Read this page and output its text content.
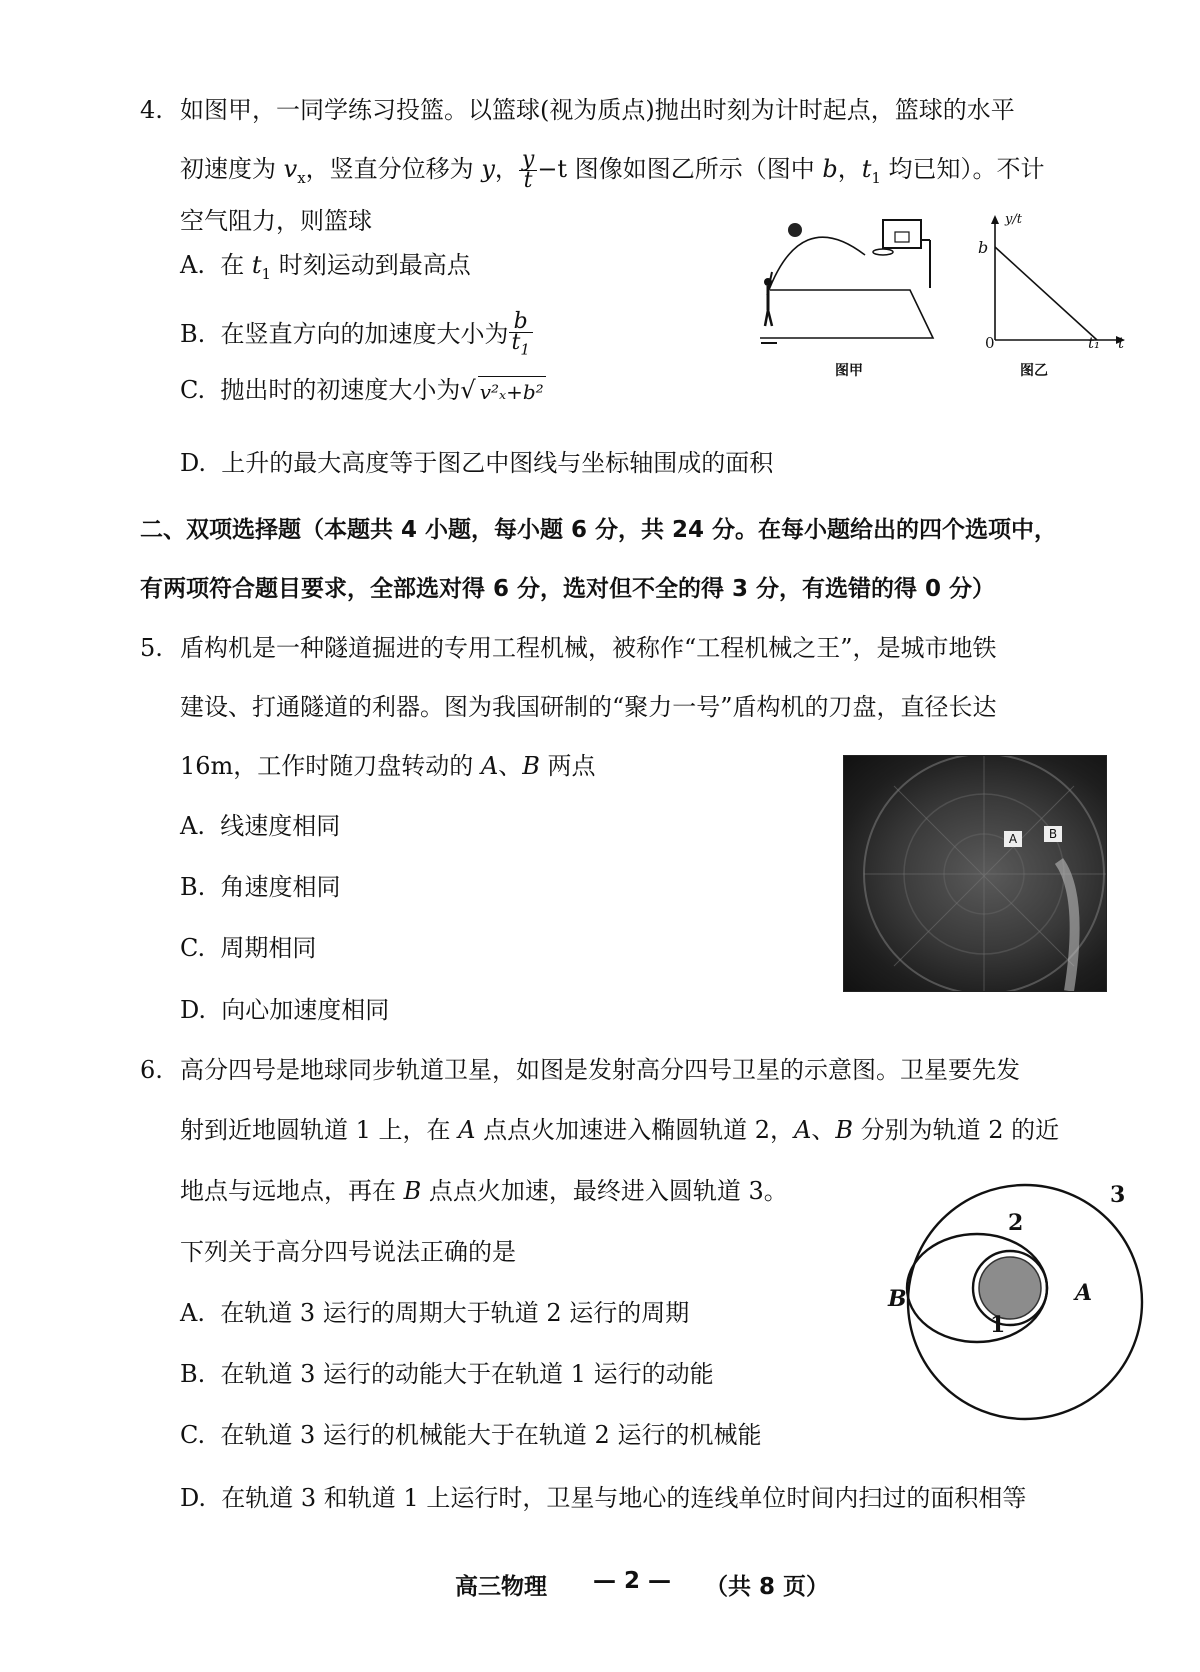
4. 如图甲，一同学练习投篮。以篮球(视为质点)抛出时刻为计时起点，篮球的水平
初速度为 $v_x$，竖直分位移为 y， $\frac{y}{t} -t$ 图像如图乙所示（图中 b，$t_1$ 均已知）。不计
空气阻力，则篮球
A. 在 $t_1$ 时刻运动到最高点
B. 在竖直方向的加速度大小为 $\frac{b}{t_1}$
C. 抛出时的初速度大小为√ v²ₓ+b²
D. 上升的最大高度等于图乙中图线与坐标轴围成的面积
图甲
y/t
b
0	t₁ t
图乙
二、双项选择题（本题共 4 小题，每小题 6 分，共 24 分。在每小题给出的四个选项中，
有两项符合题目要求，全部选对得 6 分，选对但不全的得 3 分，有选错的得 0 分）
5. 盾构机是一种隧道掘进的专用工程机械，被称作“工程机械之王”，是城市地铁
建设、打通隧道的利器。图为我国研制的“聚力一号”盾构机的刀盘，直径长达
16m，工作时随刀盘转动的 A、B 两点
A. 线速度相同
B. 角速度相同
C. 周期相同
D. 向心加速度相同
A	B
6. 高分四号是地球同步轨道卫星，如图是发射高分四号卫星的示意图。卫星要先发
射到近地圆轨道 1 上，在 A 点点火加速进入椭圆轨道 2，A、B 分别为轨道 2 的近
地点与远地点，再在 B 点点火加速，最终进入圆轨道 3。
下列关于高分四号说法正确的是
A. 在轨道 3 运行的周期大于轨道 2 运行的周期
B. 在轨道 3 运行的动能大于在轨道 1 运行的动能
C. 在轨道 3 运行的机械能大于在轨道 2 运行的机械能
D. 在轨道 3 和轨道 1 上运行时，卫星与地心的连线单位时间内扫过的面积相等
3
2
1
B	A
高三物理 — 2 — （共 8 页）
